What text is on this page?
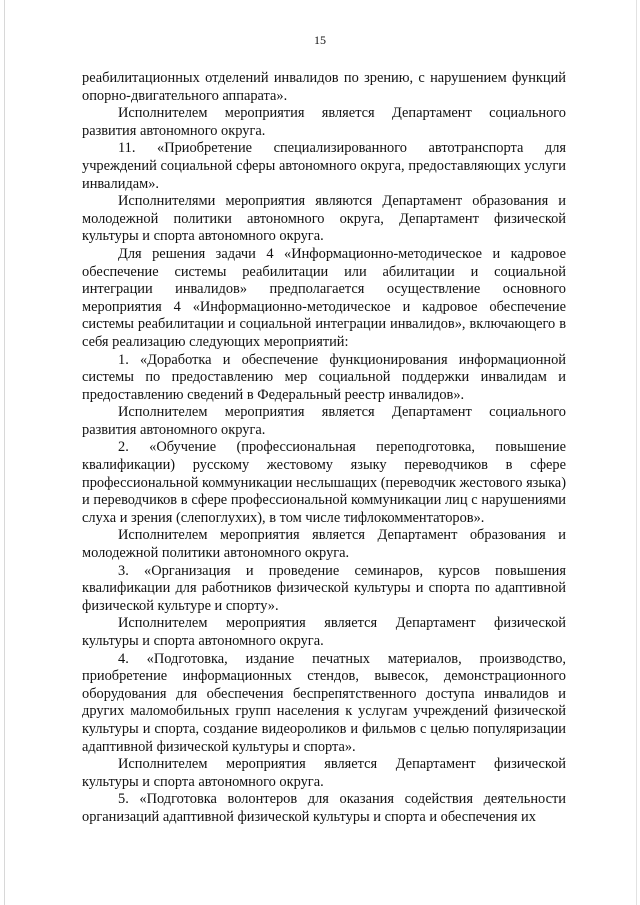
15

реабилитационных отделений инвалидов по зрению, с нарушением функций опорно-двигательного аппарата».

Исполнителем мероприятия является Департамент социального развития автономного округа.

11. «Приобретение специализированного автотранспорта для учреждений социальной сферы автономного округа, предоставляющих услуги инвалидам».

Исполнителями мероприятия являются Департамент образования и молодежной политики автономного округа, Департамент физической культуры и спорта автономного округа.

Для решения задачи 4 «Информационно-методическое и кадровое обеспечение системы реабилитации или абилитации и социальной интеграции инвалидов» предполагается осуществление основного мероприятия 4 «Информационно-методическое и кадровое обеспечение системы реабилитации и социальной интеграции инвалидов», включающего в себя реализацию следующих мероприятий:

1. «Доработка и обеспечение функционирования информационной системы по предоставлению мер социальной поддержки инвалидам и предоставлению сведений в Федеральный реестр инвалидов».

Исполнителем мероприятия является Департамент социального развития автономного округа.

2. «Обучение (профессиональная переподготовка, повышение квалификации) русскому жестовому языку переводчиков в сфере профессиональной коммуникации неслышащих (переводчик жестового языка) и переводчиков в сфере профессиональной коммуникации лиц с нарушениями слуха и зрения (слепоглухих), в том числе тифлокомментаторов».

Исполнителем мероприятия является Департамент образования и молодежной политики автономного округа.

3. «Организация и проведение семинаров, курсов повышения квалификации для работников физической культуры и спорта по адаптивной физической культуре и спорту».

Исполнителем мероприятия является Департамент физической культуры и спорта автономного округа.

4. «Подготовка, издание печатных материалов, производство, приобретение информационных стендов, вывесок, демонстрационного оборудования для обеспечения беспрепятственного доступа инвалидов и других маломобильных групп населения к услугам учреждений физической культуры и спорта, создание видеороликов и фильмов с целью популяризации адаптивной физической культуры и спорта».

Исполнителем мероприятия является Департамент физической культуры и спорта автономного округа.

5. «Подготовка волонтеров для оказания содействия деятельности организаций адаптивной физической культуры и спорта и обеспечения их
